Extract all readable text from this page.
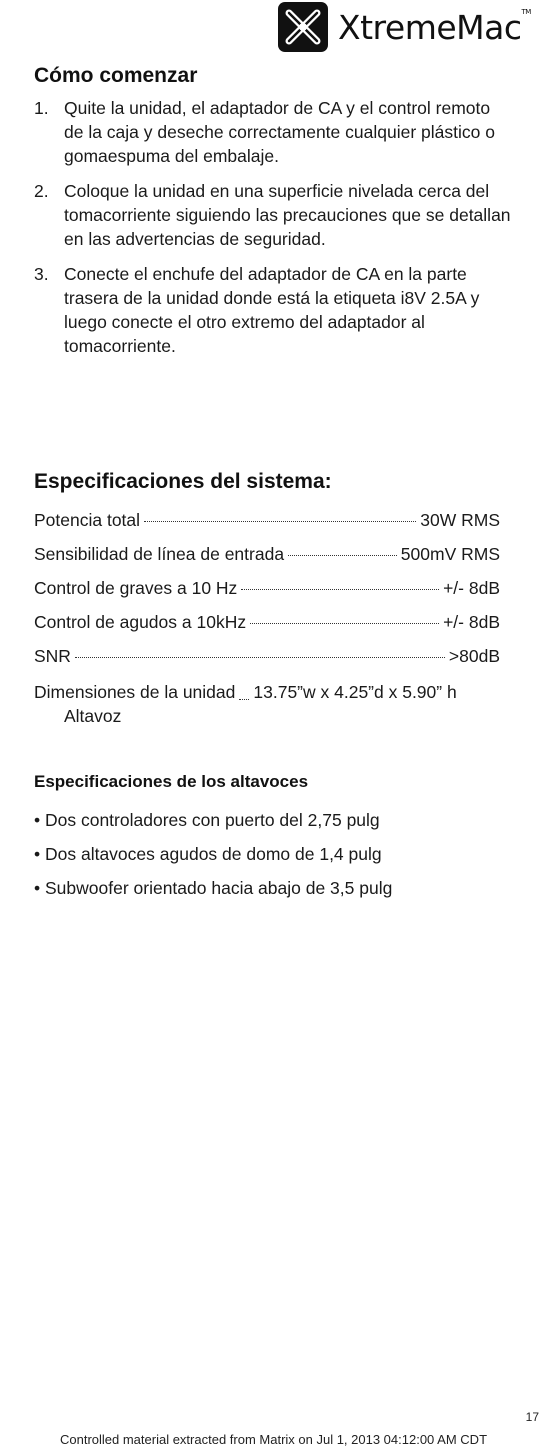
XtremeMac™
Cómo comenzar
1. Quite la unidad, el adaptador de CA y el control remoto de la caja y deseche correctamente cualquier plástico o gomaespuma del embalaje.
2. Coloque la unidad en una superficie nivelada cerca del tomacorriente siguiendo las precauciones que se detallan en las advertencias de seguridad.
3. Conecte el enchufe del adaptador de CA en la parte trasera de la unidad donde está la etiqueta i8V 2.5A y luego conecte el otro extremo del adaptador al tomacorriente.
Especificaciones del sistema:
Potencia total	30W RMS
Sensibilidad de línea de entrada	500mV RMS
Control de graves a 10 Hz	+/- 8dB
Control de agudos a 10kHz	+/- 8dB
SNR	>80dB
Dimensiones de la unidad 13.75”w x 4.25”d x 5.90” h
Altavoz
Especificaciones de los altavoces
• Dos controladores con puerto del 2,75 pulg
• Dos altavoces agudos de domo de 1,4 pulg
• Subwoofer orientado hacia abajo de 3,5 pulg
17
Controlled material extracted from Matrix on Jul 1, 2013 04:12:00 AM CDT
